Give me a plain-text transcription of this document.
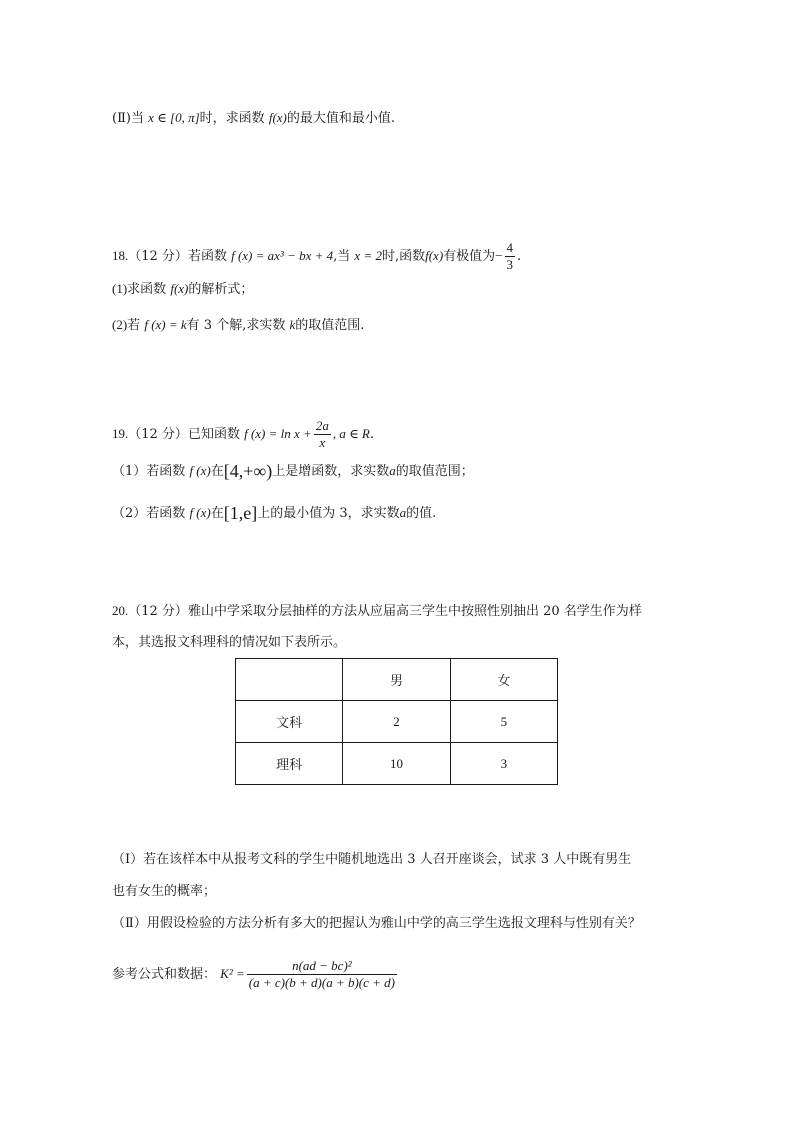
(Ⅱ)当 x ∈ [0, π]时，求函数 f(x)的最大值和最小值.
18.（12 分）若函数 f (x) = ax³ − bx + 4,当 x = 2时,函数f(x)有极值为− $\frac{4}{3}$ .
(1)求函数 f(x)的解析式；
(2)若 f (x) = k有 3 个解,求实数 k的取值范围.
19.（12 分）已知函数 f $(x) = \ln x + \frac{2a}{x}$ , a ∈ R.
（1）若函数 f (x)在[4,+∞)上是增函数，求实数a的取值范围；
（2）若函数 f (x)在[1,e]上的最小值为 3，求实数a的值.
20.（12 分）雅山中学采取分层抽样的方法从应届高三学生中按照性别抽出 20 名学生作为样
本，其选报文科理科的情况如下表所示。
	男	女
文科	2	5
理科	10	3
（Ⅰ）若在该样本中从报考文科的学生中随机地选出 3 人召开座谈会，试求 3 人中既有男生
也有女生的概率；
（Ⅱ）用假设检验的方法分析有多大的把握认为雅山中学的高三学生选报文理科与性别有关？
参考公式和数据： $K^2 = \frac{\text{n(ad − bc)²}}{(a + c)(b + d)(a + b)(c + d)}$
